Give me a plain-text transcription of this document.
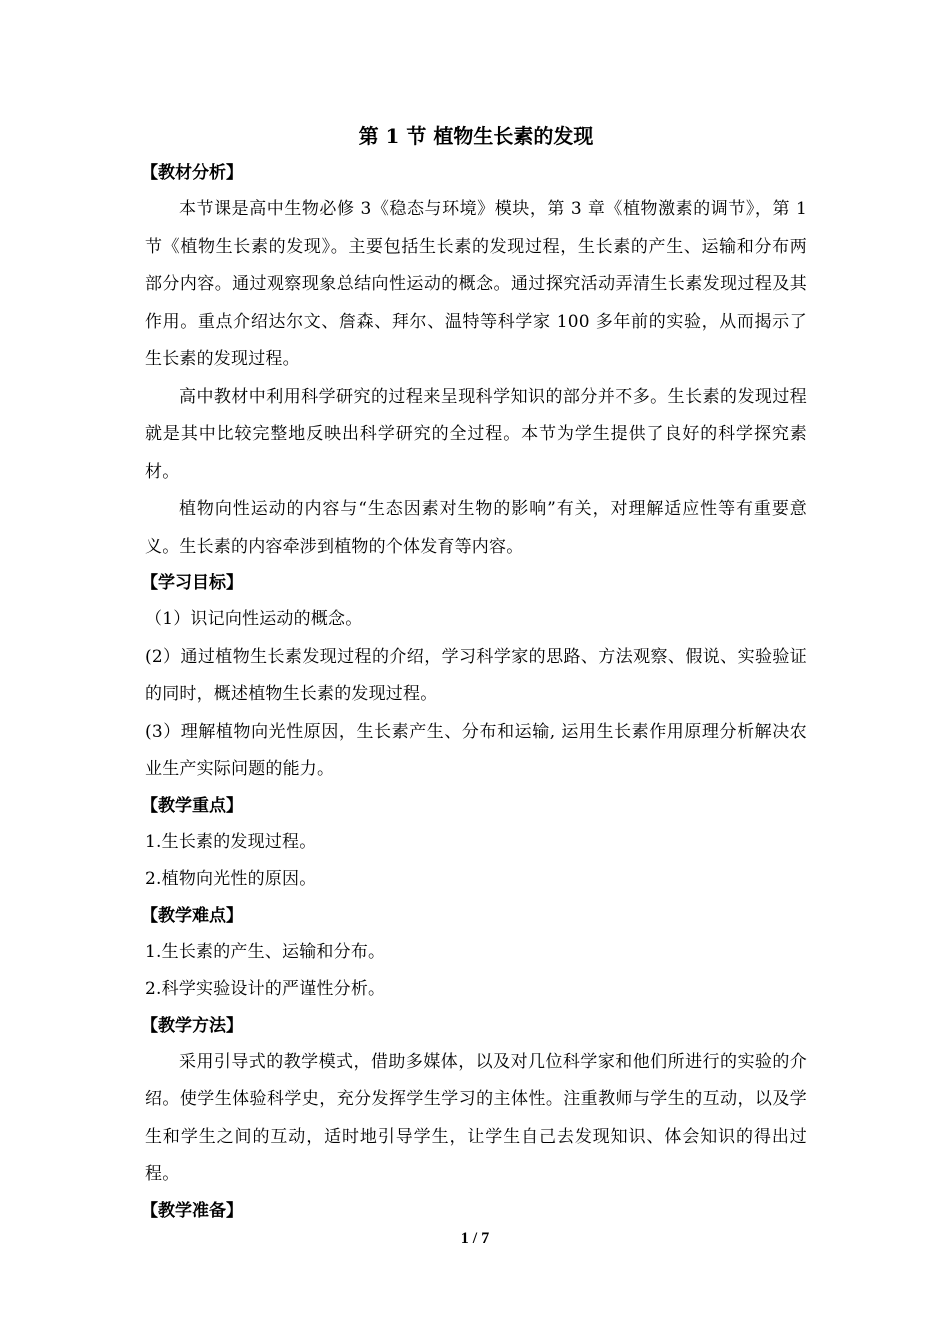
第 1 节 植物生长素的发现
【教材分析】

本节课是高中生物必修 3《稳态与环境》模块，第 3 章《植物激素的调节》，第 1 节《植物生长素的发现》。主要包括生长素的发现过程，生长素的产生、运输和分布两部分内容。通过观察现象总结向性运动的概念。通过探究活动弄清生长素发现过程及其作用。重点介绍达尔文、詹森、拜尔、温特等科学家 100 多年前的实验，从而揭示了生长素的发现过程。

高中教材中利用科学研究的过程来呈现科学知识的部分并不多。生长素的发现过程就是其中比较完整地反映出科学研究的全过程。本节为学生提供了良好的科学探究素材。

植物向性运动的内容与“生态因素对生物的影响”有关，对理解适应性等有重要意义。生长素的内容牵涉到植物的个体发育等内容。

【学习目标】

（1）识记向性运动的概念。

(2）通过植物生长素发现过程的介绍，学习科学家的思路、方法观察、假说、实验验证的同时，概述植物生长素的发现过程。

(3）理解植物向光性原因，生长素产生、分布和运输, 运用生长素作用原理分析解决农业生产实际问题的能力。

【教学重点】

1.生长素的发现过程。

2.植物向光性的原因。

【教学难点】

1.生长素的产生、运输和分布。

2.科学实验设计的严谨性分析。

【教学方法】

采用引导式的教学模式，借助多媒体，以及对几位科学家和他们所进行的实验的介绍。使学生体验科学史，充分发挥学生学习的主体性。注重教师与学生的互动，以及学生和学生之间的互动，适时地引导学生，让学生自己去发现知识、体会知识的得出过程。

【教学准备】
1 / 7
